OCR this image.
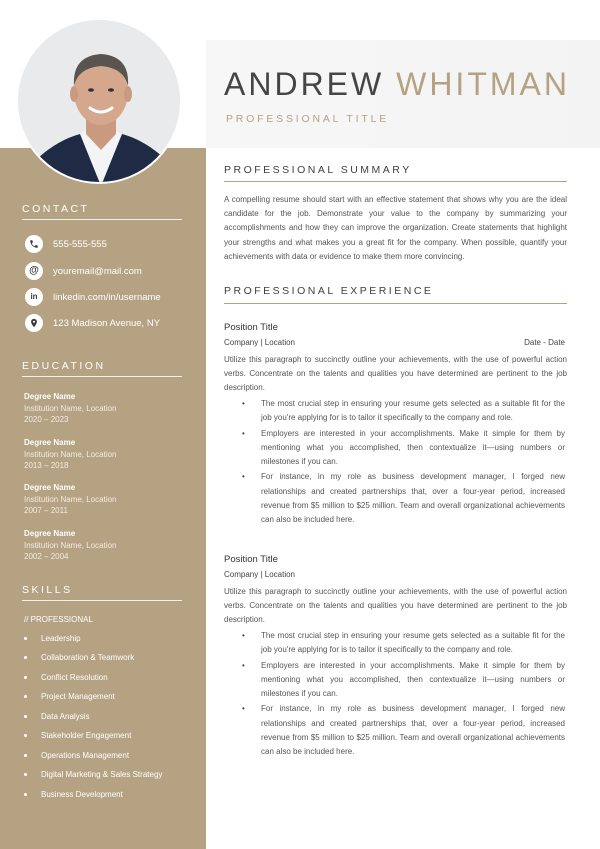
ANDREW WHITMAN
PROFESSIONAL TITLE
CONTACT
555-555-555
@ youremail@mail.com
in linkedin.com/in/username
123 Madison Avenue, NY
EDUCATION
Degree Name
Institution Name, Location
2020 – 2023
Degree Name
Institution Name, Location
2013 – 2018
Degree Name
Institution Name, Location
2007 – 2011
Degree Name
Institution Name, Location
2002 – 2004
SKILLS
// PROFESSIONAL
Leadership
Collaboration & Teamwork
Conflict Resolution
Project Management
Data Analysis
Stakeholder Engagement
Operations Management
Digital Marketing & Sales Strategy
Business Development
PROFESSIONAL SUMMARY
A compelling resume should start with an effective statement that shows why you are the ideal candidate for the job. Demonstrate your value to the company by summarizing your accomplishments and how they can improve the organization. Create statements that highlight your strengths and what makes you a great fit for the company. When possible, quantify your achievements with data or evidence to make them more convincing.
PROFESSIONAL EXPERIENCE
Position Title
Company | Location	Date - Date
Utilize this paragraph to succinctly outline your achievements, with the use of powerful action verbs. Concentrate on the talents and qualities you have determined are pertinent to the job description.
• The most crucial step in ensuring your resume gets selected as a suitable fit for the job you're applying for is to tailor it specifically to the company and role.
• Employers are interested in your accomplishments. Make it simple for them by mentioning what you accomplished, then contextualize it—using numbers or milestones if you can.
• For instance, in my role as business development manager, I forged new relationships and created partnerships that, over a four-year period, increased revenue from $5 million to $25 million. Team and overall organizational achievements can also be included here.
Position Title
Company | Location
Utilize this paragraph to succinctly outline your achievements, with the use of powerful action verbs. Concentrate on the talents and qualities you have determined are pertinent to the job description.
• The most crucial step in ensuring your resume gets selected as a suitable fit for the job you're applying for is to tailor it specifically to the company and role.
• Employers are interested in your accomplishments. Make it simple for them by mentioning what you accomplished, then contextualize it—using numbers or milestones if you can.
• For instance, in my role as business development manager, I forged new relationships and created partnerships that, over a four-year period, increased revenue from $5 million to $25 million. Team and overall organizational achievements can also be included here.
